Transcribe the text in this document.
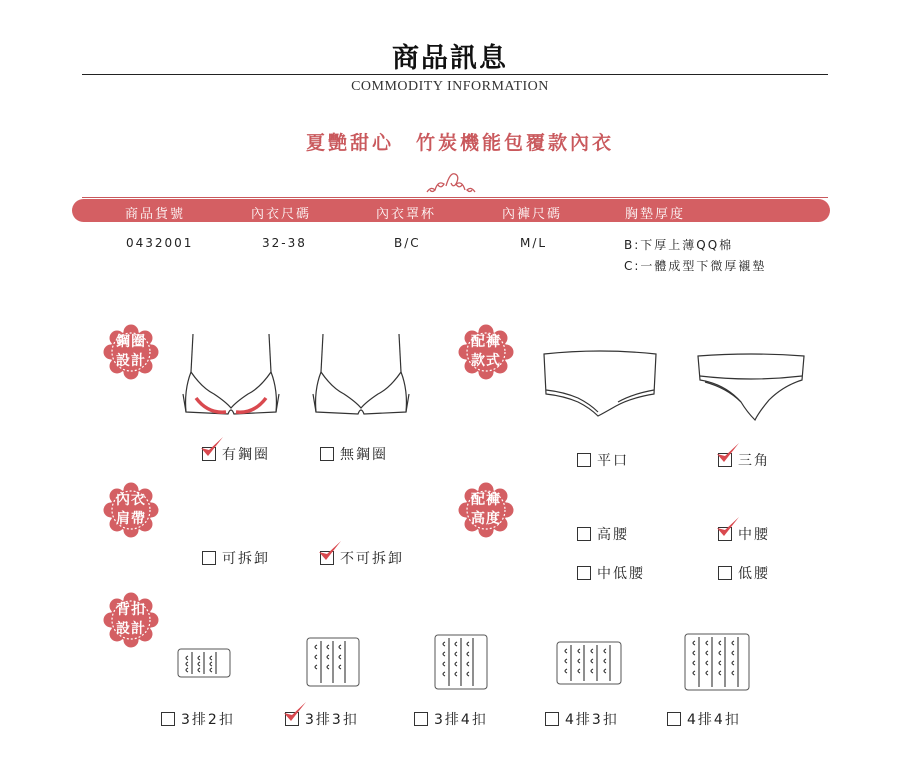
商品訊息
COMMODITY INFORMATION
夏艷甜心　竹炭機能包覆款內衣
商品貨號	內衣尺碼	內衣罩杯	內褲尺碼	胸墊厚度
0432001	32-38	B/C	M/L	B:下厚上薄QQ棉
C:一體成型下微厚襯墊
鋼圈
設計
內衣
肩帶
背扣
設計
配褲
款式
配褲
高度
有鋼圈	無鋼圈
可拆卸	不可拆卸
平口	三角
高腰	中腰
中低腰	低腰
3排2扣	3排3扣	3排4扣	4排3扣	4排4扣
